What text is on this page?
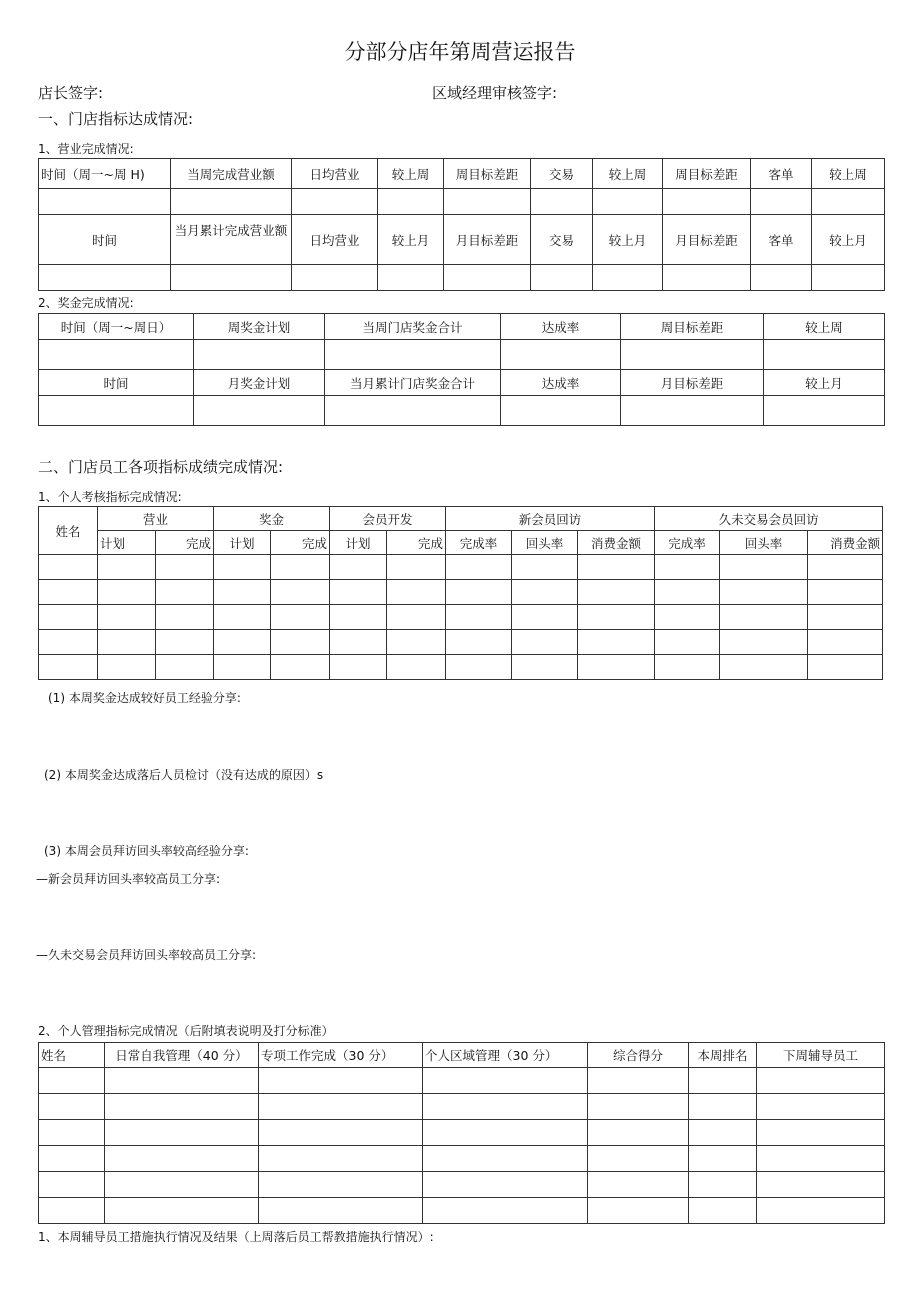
分部分店年第周营运报告
店长签字:	区域经理审核签字:
一、门店指标达成情况:
1、营业完成情况:
时间（周一~周 H)	当周完成营业额	日均营业	较上周	周目标差距	交易	较上周	周目标差距	客单	较上周

时间	当月累计完成营业额	日均营业	较上月	月目标差距	交易	较上月	月目标差距	客单	较上月

2、奖金完成情况:
时间（周一~周日）	周奖金计划	当周门店奖金合计	达成率	周目标差距	较上周

时间	月奖金计划	当月累计门店奖金合计	达成率	月目标差距	较上月

二、门店员工各项指标成绩完成情况:
1、个人考核指标完成情况:
姓名	营业		奖金		会员开发		新会员回访			久未交易会员回访		
	计划	完成	计划	完成	计划	完成	完成率	回头率	消费金额	完成率	回头率	消费金额

(1) 本周奖金达成较好员工经验分享:
(2) 本周奖金达成落后人员检讨（没有达成的原因）s
(3) 本周会员拜访回头率较高经验分享:
—新会员拜访回头率较高员工分享:
—久未交易会员拜访回头率较高员工分享:
2、个人管理指标完成情况（后附填表说明及打分标准）
姓名	日常自我管理（40 分）	专项工作完成（30 分）	个人区域管理（30 分）	综合得分	本周排名	下周辅导员工

1、本周辅导员工措施执行情况及结果（上周落后员工帮教措施执行情况）:
